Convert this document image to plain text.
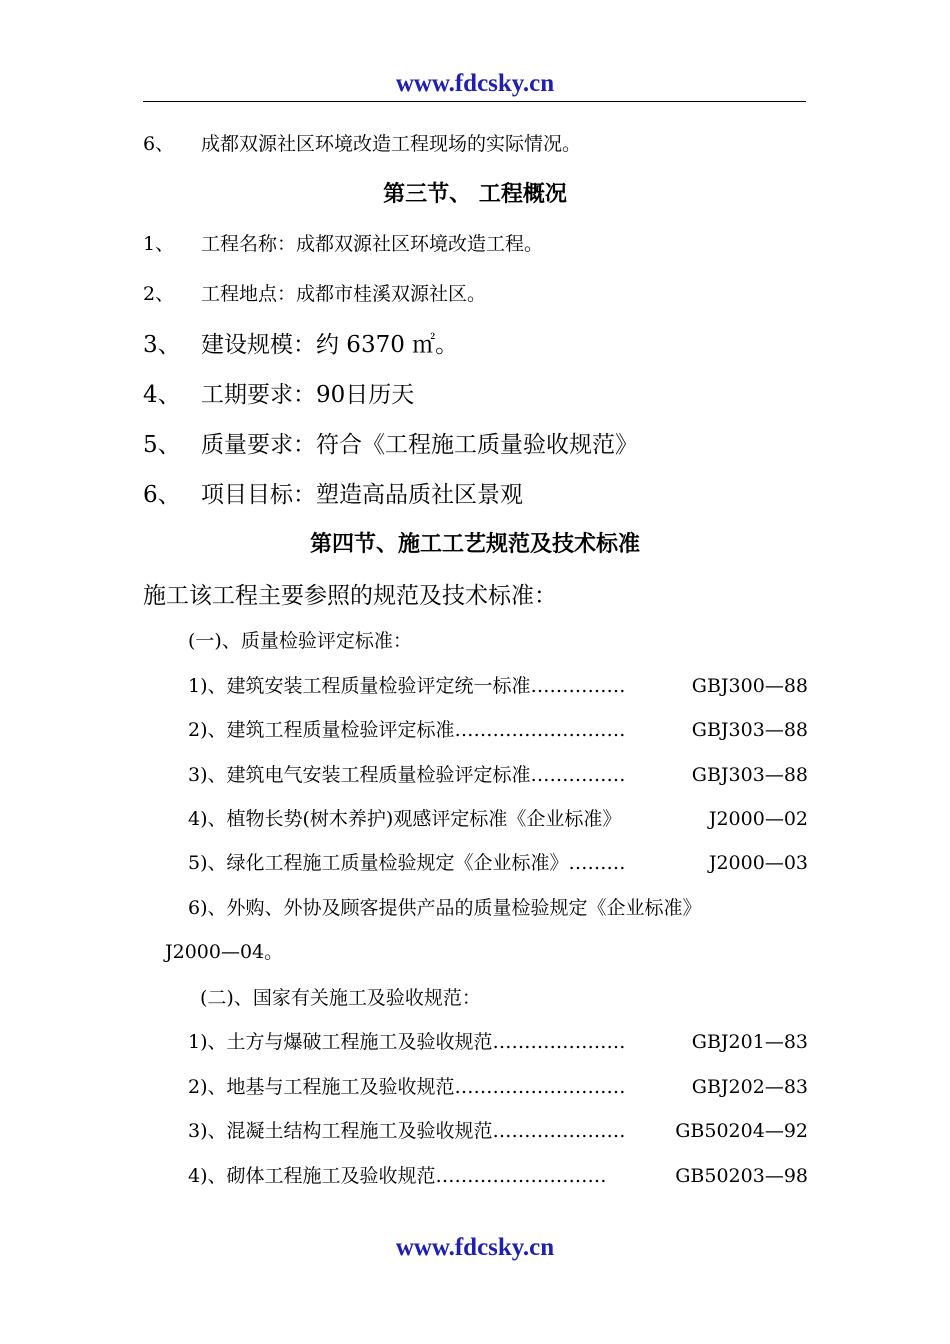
www.fdcsky.cn
6、 成都双源社区环境改造工程现场的实际情况。
第三节、 工程概况
1、 工程名称：成都双源社区环境改造工程。
2、 工程地点：成都市桂溪双源社区。
3、 建设规模：约 6370 ㎡。
4、 工期要求：90日历天
5、 质量要求：符合《工程施工质量验收规范》
6、 项目目标：塑造高品质社区景观
第四节、施工工艺规范及技术标准
施工该工程主要参照的规范及技术标准：
(一)、质量检验评定标准：
1)、建筑安装工程质量检验评定统一标准 ……………	GBJ300—88
2)、建筑工程质量检验评定标准 ………………………	GBJ303—88
3)、建筑电气安装工程质量检验评定标准 ……………	GBJ303—88
4)、植物长势(树木养护)观感评定标准《企业标准》	J2000—02
5)、绿化工程施工质量检验规定《企业标准》 ………	J2000—03
6)、外购、外协及顾客提供产品的质量检验规定《企业标准》
J2000—04。
(二)、国家有关施工及验收规范：
1)、土方与爆破工程施工及验收规范 …………………	GBJ201—83
2)、地基与工程施工及验收规范 ………………………	GBJ202—83
3)、混凝土结构工程施工及验收规范 …………………	GB50204—92
4)、砌体工程施工及验收规范 ………………………	GB50203—98
www.fdcsky.cn
